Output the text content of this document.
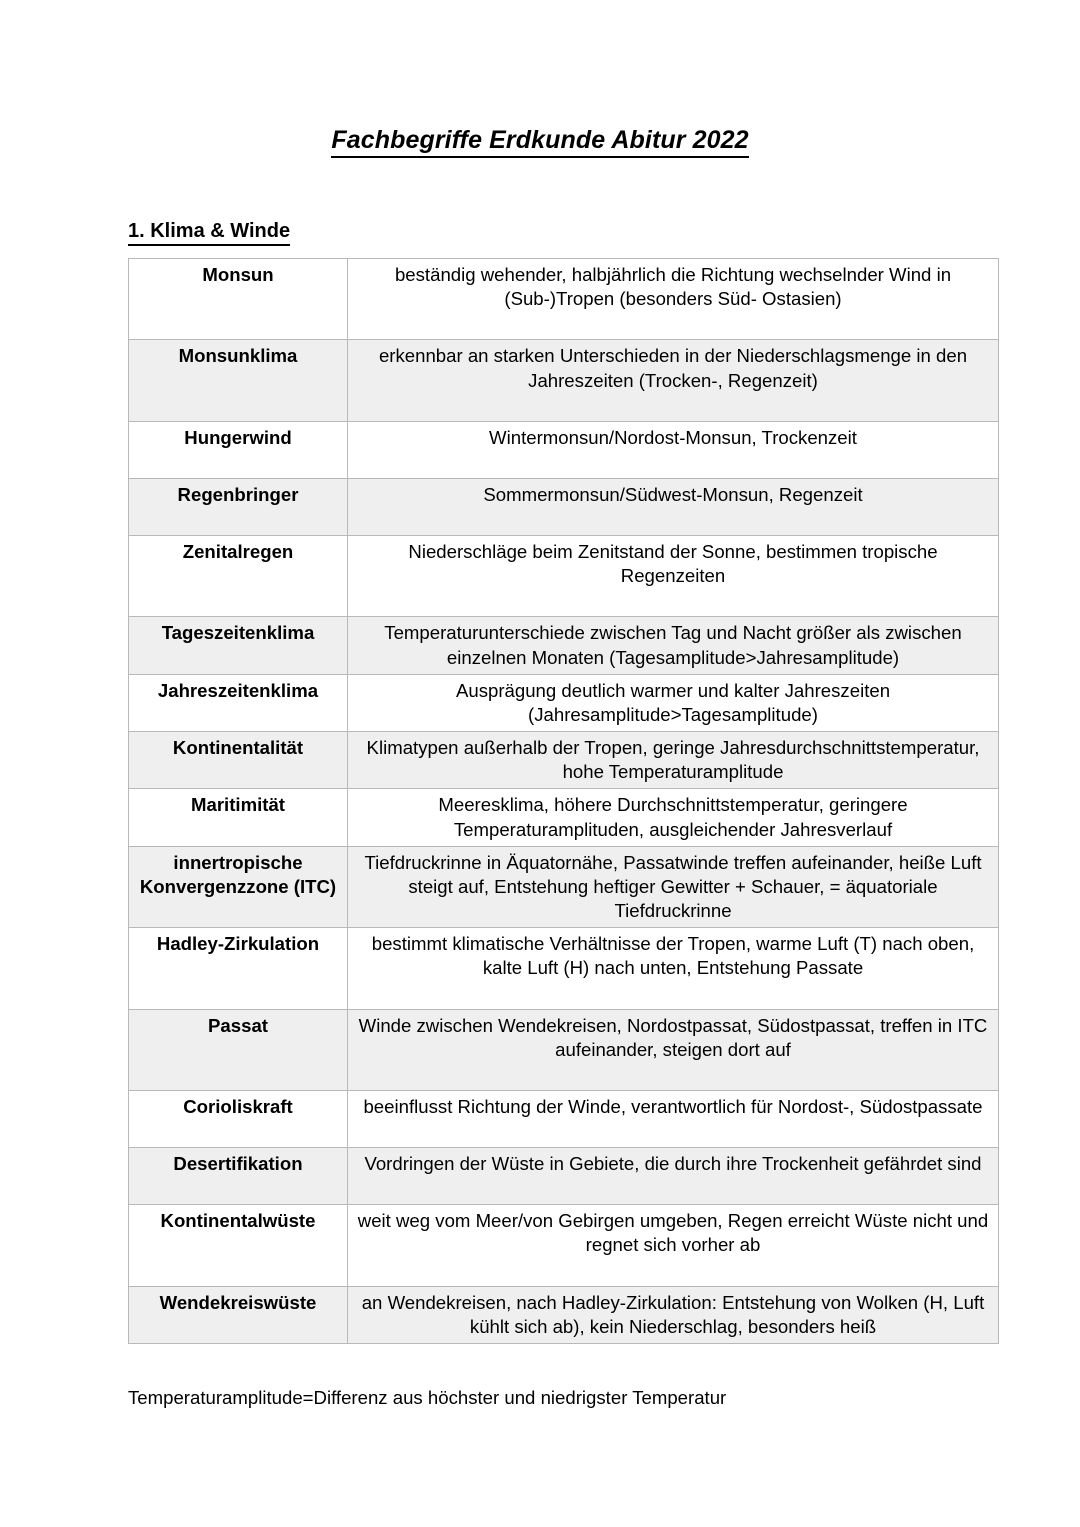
Fachbegriffe Erdkunde Abitur 2022
1. Klima & Winde
Monsun	beständig wehender, halbjährlich die Richtung wechselnder Wind in (Sub-)Tropen (besonders Süd- Ostasien)

Monsunklima	erkennbar an starken Unterschieden in der Niederschlagsmenge in den Jahreszeiten (Trocken-, Regenzeit)

Hungerwind	Wintermonsun/Nordost-Monsun, Trockenzeit

Regenbringer	Sommermonsun/Südwest-Monsun, Regenzeit

Zenitalregen	Niederschläge beim Zenitstand der Sonne, bestimmen tropische Regenzeiten

Tageszeitenklima	Temperaturunterschiede zwischen Tag und Nacht größer als zwischen einzelnen Monaten (Tagesamplitude>Jahresamplitude)
Jahreszeitenklima	Ausprägung deutlich warmer und kalter Jahreszeiten (Jahresamplitude>Tagesamplitude)
Kontinentalität	Klimatypen außerhalb der Tropen, geringe Jahresdurchschnittstemperatur, hohe Temperaturamplitude
Maritimität	Meeresklima, höhere Durchschnittstemperatur, geringere Temperaturamplituden, ausgleichender Jahresverlauf
innertropische Konvergenzzone (ITC)	Tiefdruckrinne in Äquatornähe, Passatwinde treffen aufeinander, heiße Luft steigt auf, Entstehung heftiger Gewitter + Schauer, = äquatoriale Tiefdruckrinne
Hadley-Zirkulation	bestimmt klimatische Verhältnisse der Tropen, warme Luft (T) nach oben, kalte Luft (H) nach unten, Entstehung Passate

Passat	Winde zwischen Wendekreisen, Nordostpassat, Südostpassat, treffen in ITC aufeinander, steigen dort auf

Corioliskraft	beeinflusst Richtung der Winde, verantwortlich für Nordost-, Südostpassate

Desertifikation	Vordringen der Wüste in Gebiete, die durch ihre Trockenheit gefährdet sind

Kontinentalwüste	weit weg vom Meer/von Gebirgen umgeben, Regen erreicht Wüste nicht und regnet sich vorher ab

Wendekreiswüste	an Wendekreisen, nach Hadley-Zirkulation: Entstehung von Wolken (H, Luft kühlt sich ab), kein Niederschlag, besonders heiß
Temperaturamplitude=Differenz aus höchster und niedrigster Temperatur
